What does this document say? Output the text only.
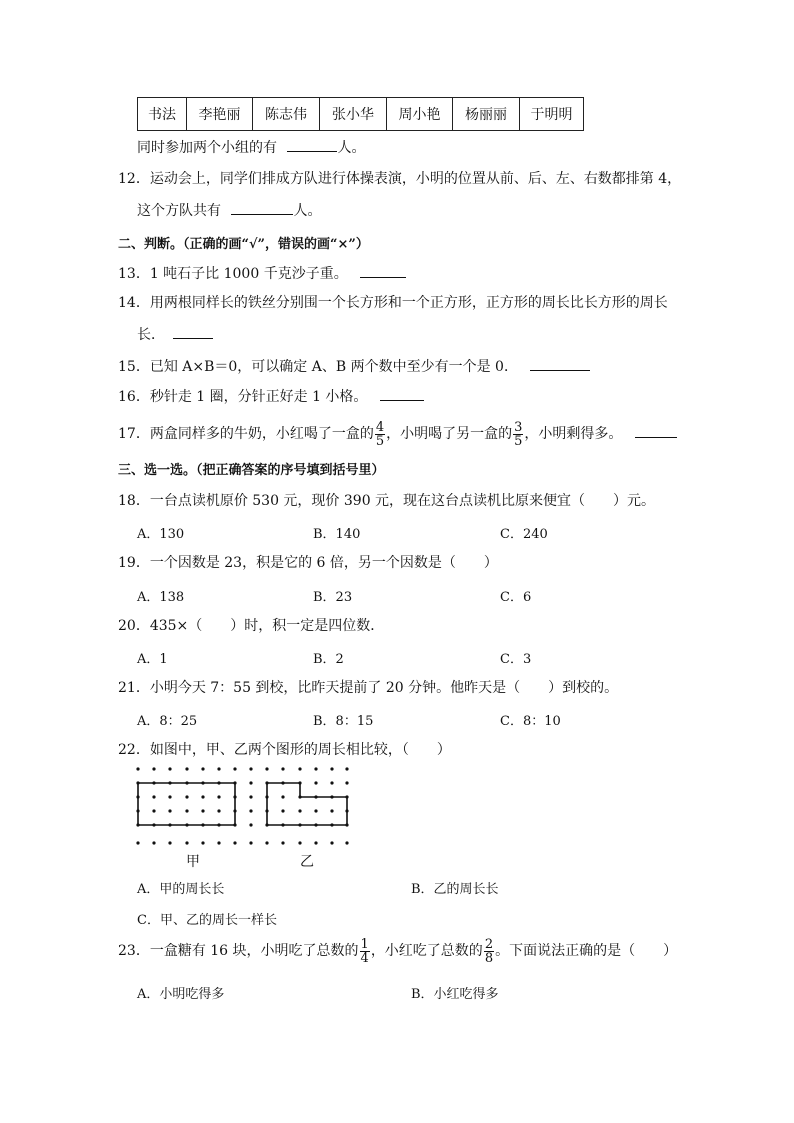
书法	李艳丽	陈志伟	张小华	周小艳	杨丽丽	于明明
同时参加两个小组的有	人。
12．运动会上，同学们排成方队进行体操表演，小明的位置从前、后、左、右数都排第 4，
这个方队共有	人。
二、判断。（正确的画“√”，错误的画“×”）
13．1 吨石子比 1000 千克沙子重。
14．用两根同样长的铁丝分别围一个长方形和一个正方形，正方形的周长比长方形的周长
长．
15．已知 A×B＝0，可以确定 A、B 两个数中至少有一个是 0．
16．秒针走 1 圈，分针正好走 1 小格。
17．两盒同样多的牛奶，小红喝了一盒的 $\frac{4}{5}$ ，小明喝了另一盒的 $\frac{3}{5}$ ，小明剩得多。
三、选一选。（把正确答案的序号填到括号里）
18．一台点读机原价 530 元，现价 390 元，现在这台点读机比原来便宜（　　）元。
A．130	B．140	C．240
19．一个因数是 23，积是它的 6 倍，另一个因数是（　　）
A．138	B．23	C．6
20．435×（　　）时，积一定是四位数．
A．1	B．2	C．3
21．小明今天 7：55 到校，比昨天提前了 20 分钟。他昨天是（　　）到校的。
A．8：25	B．8：15	C．8：10
22．如图中，甲、乙两个图形的周长相比较，（　　）
甲	乙
A．甲的周长长	B．乙的周长长
C．甲、乙的周长一样长
23．一盒糖有 16 块，小明吃了总数的 $\frac{1}{4}$ ，小红吃了总数的 $\frac{2}{8}$ 。下面说法正确的是（　　）
A．小明吃得多	B．小红吃得多
